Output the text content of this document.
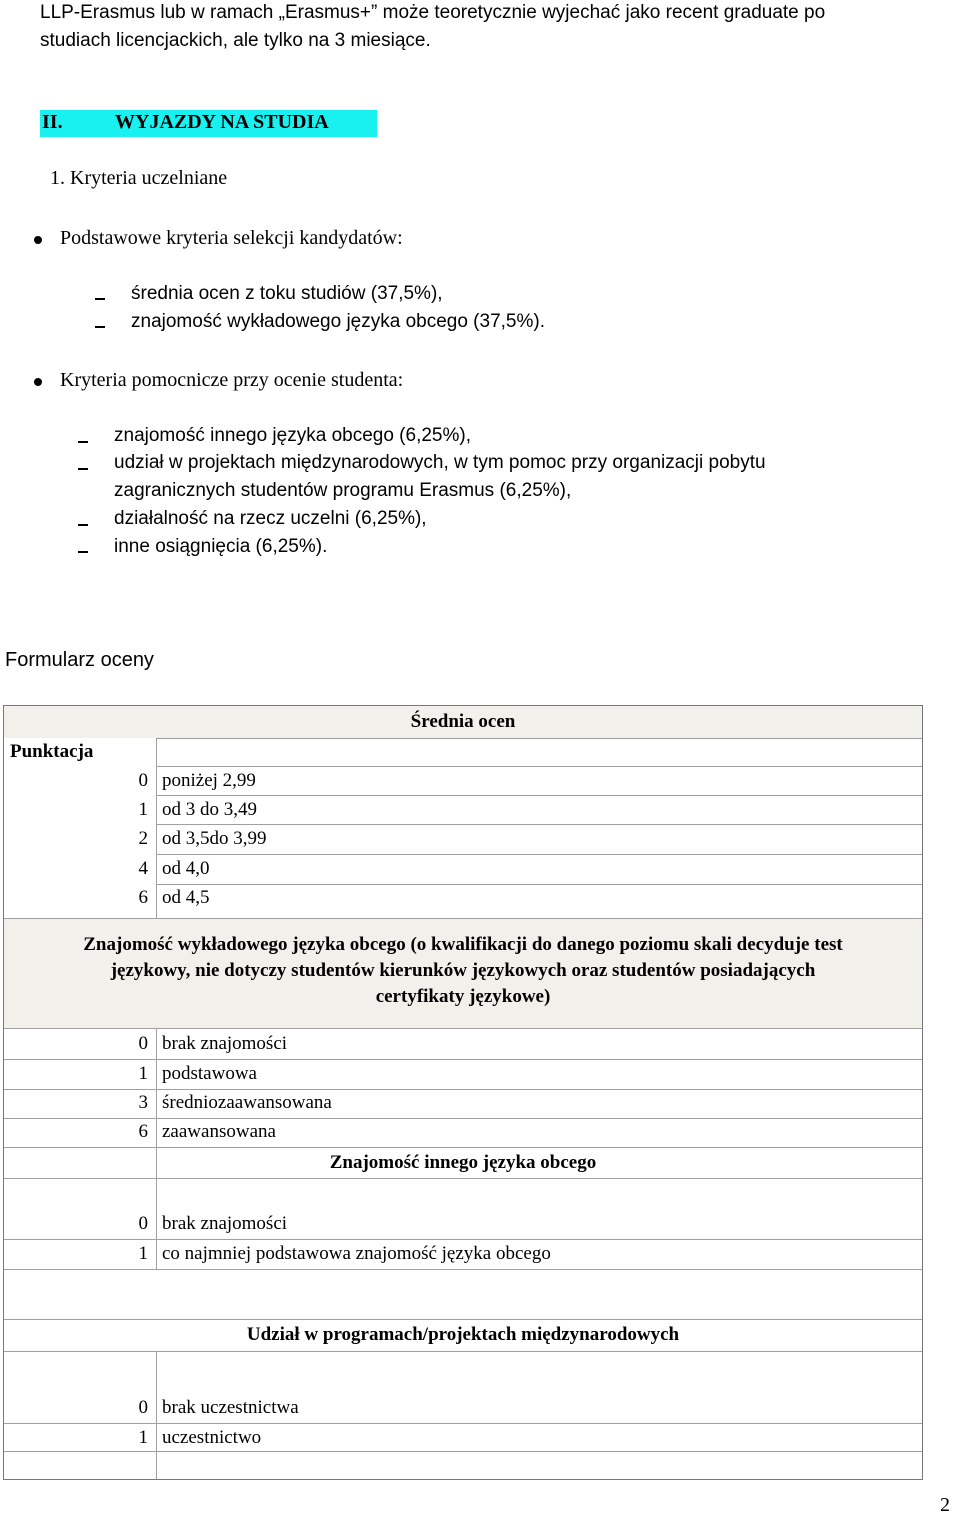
LLP-Erasmus lub w ramach „Erasmus+” może teoretycznie wyjechać jako recent graduate po
studiach licencjackich, ale tylko na 3 miesiące.
II.	WYJAZDY NA STUDIA
1. Kryteria uczelniane
Podstawowe kryteria selekcji kandydatów:
średnia ocen z toku studiów (37,5%),
znajomość wykładowego języka obcego (37,5%).
Kryteria pomocnicze przy ocenie studenta:
znajomość innego języka obcego (6,25%),
udział w projektach międzynarodowych, w tym pomoc przy organizacji pobytu
zagranicznych studentów programu Erasmus (6,25%),
działalność na rzecz uczelni (6,25%),
inne osiągnięcia (6,25%).
Formularz oceny
Średnia ocen
Punktacja
0 poniżej 2,99
1 od 3 do 3,49
2 od 3,5do 3,99
4 od 4,0
6 od 4,5
Znajomość wykładowego języka obcego (o kwalifikacji do danego poziomu skali decyduje test
językowy, nie dotyczy studentów kierunków językowych oraz studentów posiadających
certyfikaty językowe)
0 brak znajomości
1 podstawowa
3 średniozaawansowana
6 zaawansowana
Znajomość innego języka obcego
0 brak znajomości
1 co najmniej podstawowa znajomość języka obcego
Udział w programach/projektach międzynarodowych
0 brak uczestnictwa
1 uczestnictwo
2
